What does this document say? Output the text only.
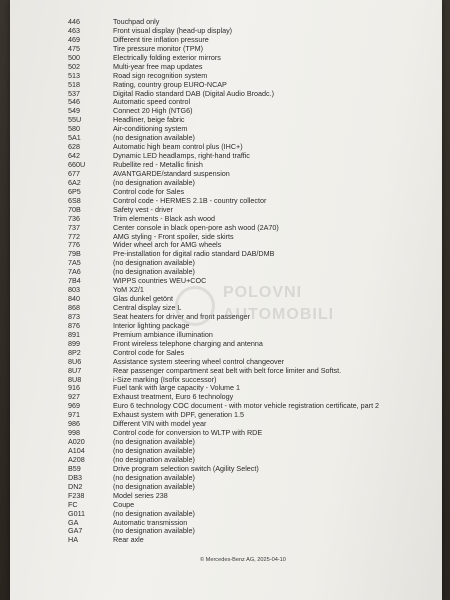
446	Touchpad only
463	Front visual display (head-up display)
469	Different tire inflation pressure
475	Tire pressure monitor (TPM)
500	Electrically folding exterior mirrors
502	Multi-year free map updates
513	Road sign recognition system
518	Rating, country group EURO-NCAP
537	Digital Radio standard DAB (Digital Audio Broadc.)
546	Automatic speed control
549	Connect 20 High (NTG6)
55U	Headliner, beige fabric
580	Air-conditioning system
5A1	(no designation available)
628	Automatic high beam control plus (IHC+)
642	Dynamic LED headlamps, right-hand traffic
660U	Rubellite red - Metallic finish
677	AVANTGARDE/standard suspension
6A2	(no designation available)
6P5	Control code for Sales
6S8	Control code - HERMES 2.1B - country collector
70B	Safety vest - driver
736	Trim elements - Black ash wood
737	Center console in black open-pore ash wood (2A70)
772	AMG styling - Front spoiler, side skirts
776	Wider wheel arch for AMG wheels
79B	Pre-installation for digital radio standard DAB/DMB
7A5	(no designation available)
7A6	(no designation available)
7B4	WIPPS countries WEU+COC
803	YoM X2/1
840	Glas dunkel getönt
868	Central display size L
873	Seat heaters for driver and front passenger
876	Interior lighting package
891	Premium ambiance illumination
899	Front wireless telephone charging and antenna
8P2	Control code for Sales
8U6	Assistance system steering wheel control changeover
8U7	Rear passenger compartment seat belt with belt force limiter and Softst.
8U8	i-Size marking (Isofix successor)
916	Fuel tank with large capacity - Volume 1
927	Exhaust treatment, Euro 6 technology
969	Euro 6 technology COC document - with motor vehicle registration certificate, part 2
971	Exhaust system with DPF, generation 1.5
986	Different VIN with model year
998	Control code for conversion to WLTP with RDE
A020	(no designation available)
A104	(no designation available)
A208	(no designation available)
B59	Drive program selection switch (Agility Select)
DB3	(no designation available)
DN2	(no designation available)
F238	Model series 238
FC	Coupe
G011	(no designation available)
GA	Automatic transmission
GA7	(no designation available)
HA	Rear axle
© Mercedes-Benz AG, 2025-04-10
POLOVNI
AUTOMOBILI
